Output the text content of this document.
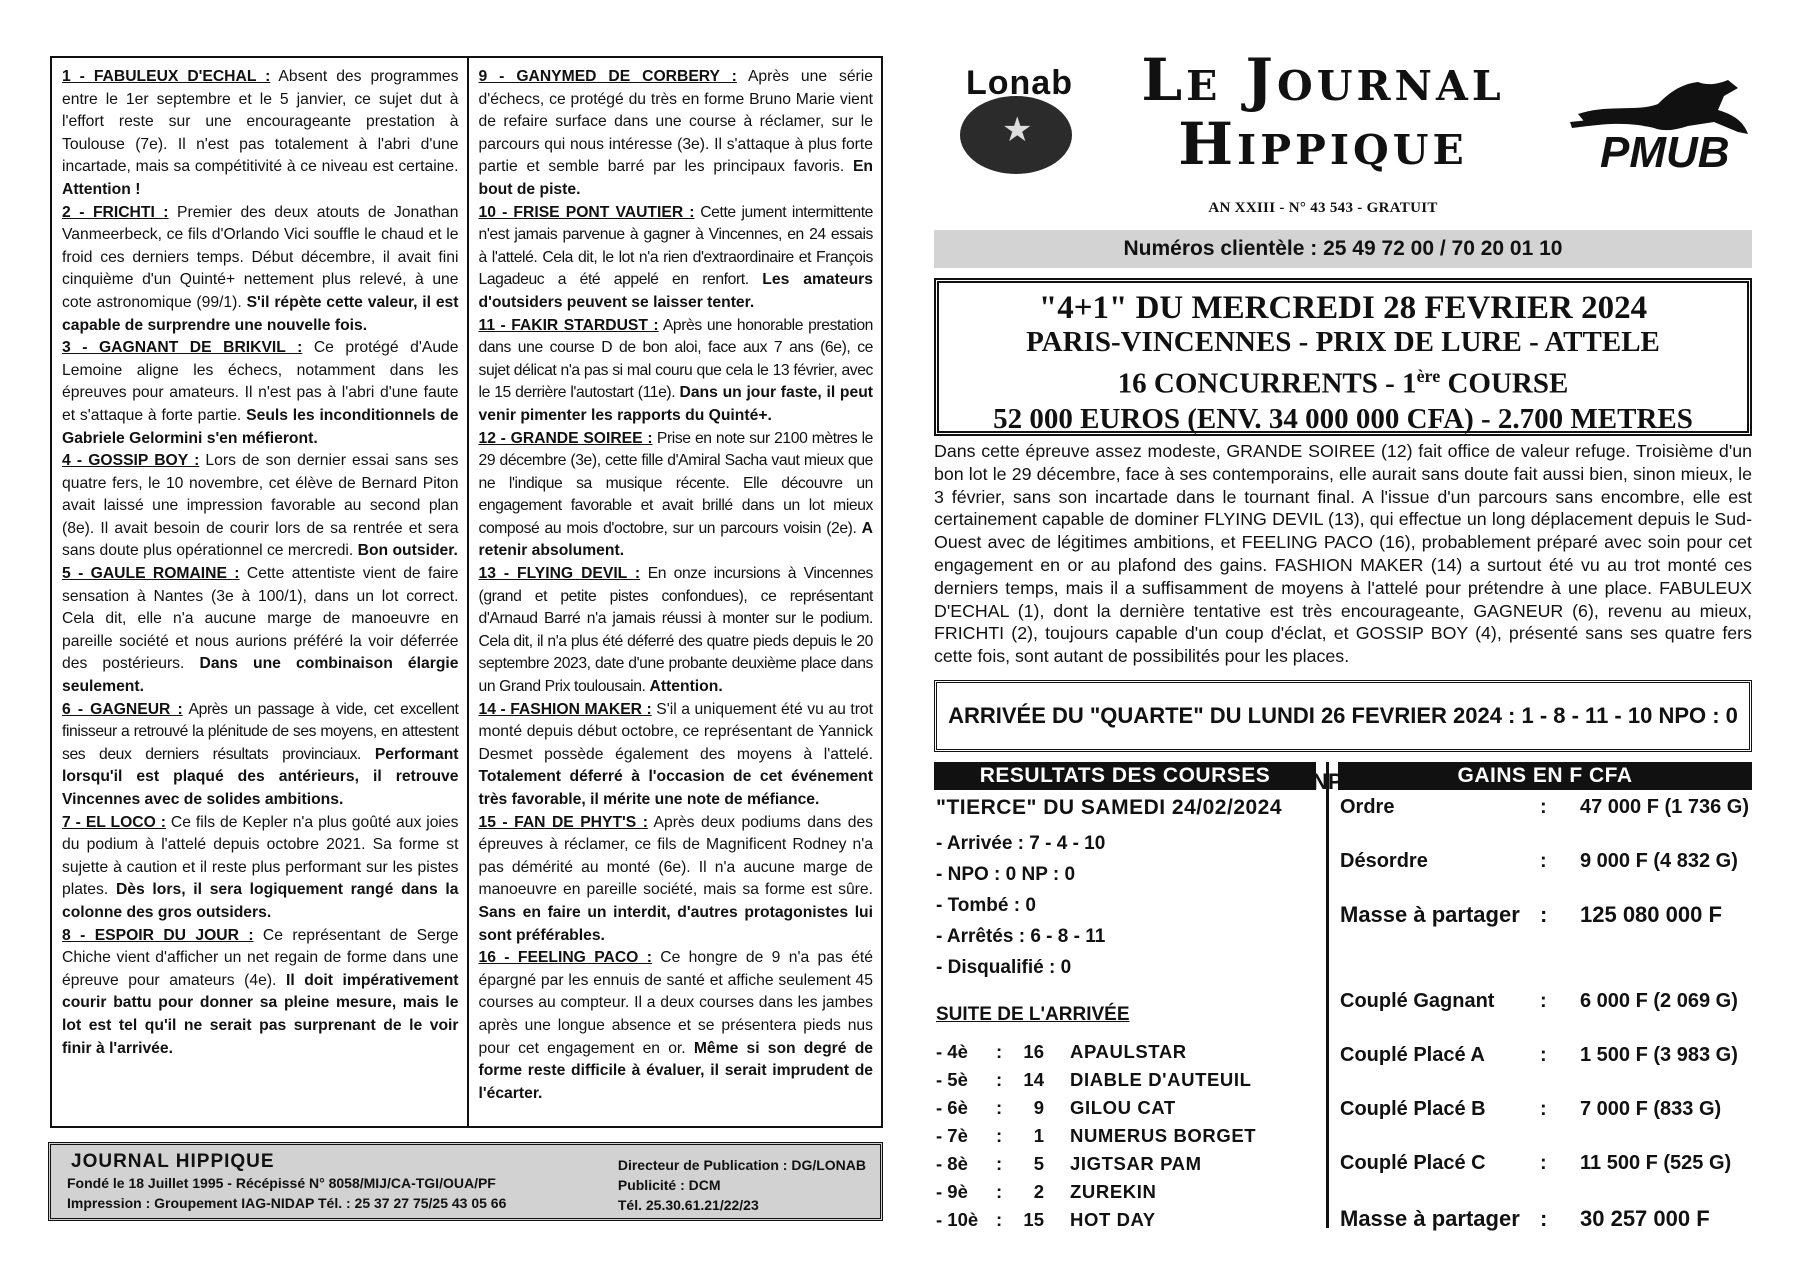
1 - FABULEUX D'ECHAL : Absent des programmes entre le 1er septembre et le 5 janvier, ce sujet dut à l'effort reste sur une encourageante prestation à Toulouse (7e). Il n'est pas totalement à l'abri d'une incartade, mais sa compétitivité à ce niveau est certaine. Attention !

2 - FRICHTI : Premier des deux atouts de Jonathan Vanmeerbeck, ce fils d'Orlando Vici souffle le chaud et le froid ces derniers temps. Début décembre, il avait fini cinquième d'un Quinté+ nettement plus relevé, à une cote astronomique (99/1). S'il répète cette valeur, il est capable de surprendre une nouvelle fois.

3 - GAGNANT DE BRIKVIL : Ce protégé d'Aude Lemoine aligne les échecs, notamment dans les épreuves pour amateurs. Il n'est pas à l'abri d'une faute et s'attaque à forte partie. Seuls les inconditionnels de Gabriele Gelormini s'en méfieront.

4 - GOSSIP BOY : Lors de son dernier essai sans ses quatre fers, le 10 novembre, cet élève de Bernard Piton avait laissé une impression favorable au second plan (8e). Il avait besoin de courir lors de sa rentrée et sera sans doute plus opérationnel ce mercredi. Bon outsider.

5 - GAULE ROMAINE : Cette attentiste vient de faire sensation à Nantes (3e à 100/1), dans un lot correct. Cela dit, elle n'a aucune marge de manoeuvre en pareille société et nous aurions préféré la voir déferrée des postérieurs. Dans une combinaison élargie seulement.

6 - GAGNEUR : Après un passage à vide, cet excellent finisseur a retrouvé la plénitude de ses moyens, en attestent ses deux derniers résultats provinciaux. Performant lorsqu'il est plaqué des antérieurs, il retrouve Vincennes avec de solides ambitions.

7 - EL LOCO : Ce fils de Kepler n'a plus goûté aux joies du podium à l'attelé depuis octobre 2021. Sa forme st sujette à caution et il reste plus performant sur les pistes plates. Dès lors, il sera logiquement rangé dans la colonne des gros outsiders.

8 - ESPOIR DU JOUR : Ce représentant de Serge Chiche vient d'afficher un net regain de forme dans une épreuve pour amateurs (4e). Il doit impérativement courir battu pour donner sa pleine mesure, mais le lot est tel qu'il ne serait pas surprenant de le voir finir à l'arrivée.

9 - GANYMED DE CORBERY : Après une série d'échecs, ce protégé du très en forme Bruno Marie vient de refaire surface dans une course à réclamer, sur le parcours qui nous intéresse (3e). Il s'attaque à plus forte partie et semble barré par les principaux favoris. En bout de piste.

10 - FRISE PONT VAUTIER : Cette jument intermittente n'est jamais parvenue à gagner à Vincennes, en 24 essais à l'attelé. Cela dit, le lot n'a rien d'extraordinaire et François Lagadeuc a été appelé en renfort. Les amateurs d'outsiders peuvent se laisser tenter.

11 - FAKIR STARDUST : Après une honorable prestation dans une course D de bon aloi, face aux 7 ans (6e), ce sujet délicat n'a pas si mal couru que cela le 13 février, avec le 15 derrière l'autostart (11e). Dans un jour faste, il peut venir pimenter les rapports du Quinté+.

12 - GRANDE SOIREE : Prise en note sur 2100 mètres le 29 décembre (3e), cette fille d'Amiral Sacha vaut mieux que ne l'indique sa musique récente. Elle découvre un engagement favorable et avait brillé dans un lot mieux composé au mois d'octobre, sur un parcours voisin (2e). A retenir absolument.

13 - FLYING DEVIL : En onze incursions à Vincennes (grand et petite pistes confondues), ce représentant d'Arnaud Barré n'a jamais réussi à monter sur le podium. Cela dit, il n'a plus été déferré des quatre pieds depuis le 20 septembre 2023, date d'une probante deuxième place dans un Grand Prix toulousain. Attention.

14 - FASHION MAKER : S'il a uniquement été vu au trot monté depuis début octobre, ce représentant de Yannick Desmet possède également des moyens à l'attelé. Totalement déferré à l'occasion de cet événement très favorable, il mérite une note de méfiance.

15 - FAN DE PHYT'S : Après deux podiums dans des épreuves à réclamer, ce fils de Magnificent Rodney n'a pas démérité au monté (6e). Il n'a aucune marge de manoeuvre en pareille société, mais sa forme est sûre. Sans en faire un interdit, d'autres protagonistes lui sont préférables.

16 - FEELING PACO : Ce hongre de 9 n'a pas été épargné par les ennuis de santé et affiche seulement 45 courses au compteur. Il a deux courses dans les jambes après une longue absence et se présentera pieds nus pour cet engagement en or. Même si son degré de forme reste difficile à évaluer, il serait imprudent de l'écarter.

JOURNAL HIPPIQUE
Fondé le 18 Juillet 1995 - Récépissé N° 8058/MIJ/CA-TGI/OUA/PF
Impression : Groupement IAG-NIDAP Tél. : 25 37 27 75/25 43 05 66
Directeur de Publication : DG/LONAB
Publicité : DCM
Tél. 25.30.61.21/22/23
★
Lonab	Le Journal
Hippique	PMUB
AN XXIII - N° 43 543 - GRATUIT
Numéros clientèle : 25 49 72 00 / 70 20 01 10
"4+1" DU MERCREDI 28 FEVRIER 2024
PARIS-VINCENNES - PRIX DE LURE - ATTELE
16 CONCURRENTS - 1ère COURSE
52 000 EUROS (ENV. 34 000 000 CFA) - 2.700 METRES

Dans cette épreuve assez modeste, GRANDE SOIREE (12) fait office de valeur refuge. Troisième d'un bon lot le 29 décembre, face à ses contemporains, elle aurait sans doute fait aussi bien, sinon mieux, le 3 février, sans son incartade dans le tournant final. A l'issue d'un parcours sans encombre, elle est certainement capable de dominer FLYING DEVIL (13), qui effectue un long déplacement depuis le Sud-Ouest avec de légitimes ambitions, et FEELING PACO (16), probablement préparé avec soin pour cet engagement en or au plafond des gains. FASHION MAKER (14) a surtout été vu au trot monté ces derniers temps, mais il a suffisamment de moyens à l'attelé pour prétendre à une place. FABULEUX D'ECHAL (1), dont la dernière tentative est très encourageante, GAGNEUR (6), revenu au mieux, FRICHTI (2), toujours capable d'un coup d'éclat, et GOSSIP BOY (4), présenté sans ses quatre fers cette fois, sont autant de possibilités pour les places.

ARRIVÉE DU "QUARTE" DU LUNDI 26 FEVRIER 2024 : 1 - 8 - 11 - 10 NPO : 0
RESULTATS DES COURSES	GAINS EN F CFA
"TIERCE" DU SAMEDI 24/02/2024
- Arrivée : 7 - 4 - 10
- NPO : 0 NP : 0
- Tombé : 0
- Arrêtés : 6 - 8 - 11
- Disqualifié : 0
SUITE DE L'ARRIVÉE
- 4è	:	16	APAULSTAR
- 5è	:	14	DIABLE D'AUTEUIL
- 6è	:	9	GILOU CAT
- 7è	:	1	NUMERUS BORGET
- 8è	:	5	JIGTSAR PAM
- 9è	:	2	ZUREKIN
- 10è :	15	HOT DAY
Ordre	:	47 000 F (1 736 G)
Désordre	:	9 000 F (4 832 G)
Masse à partager :	125 080 000 F
Couplé Gagnant	:	6 000 F (2 069 G)
Couplé Placé A	:	1 500 F (3 983 G)
Couplé Placé B	:	7 000 F (833 G)
Couplé Placé C	:	11 500 F (525 G)
Masse à partager :	30 257 000 F
